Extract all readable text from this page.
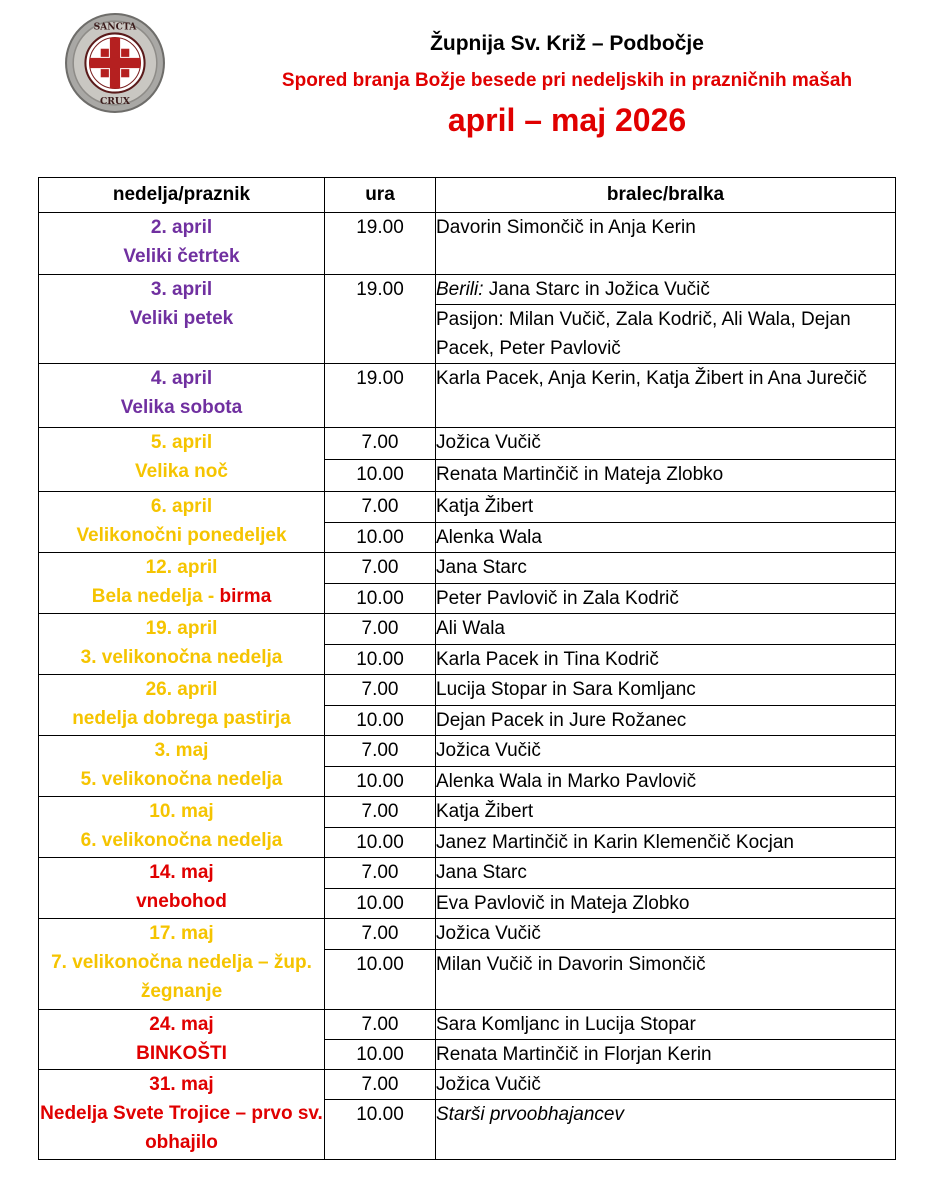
SANCTA
CRUX
Župnija Sv. Križ – Podbočje
Spored branja Božje besede pri nedeljskih in prazničnih mašah
april – maj 2026
nedelja/praznik	ura	bralec/bralka

2. april
Veliki četrtek	19.00	Davorin Simončič in Anja Kerin

3. april
Veliki petek	19.00	Berili: Jana Starc in Jožica Vučič
		Pasijon: Milan Vučič, Zala Kodrič, Ali Wala, Dejan Pacek, Peter Pavlovič

4. april
Velika sobota	19.00	Karla Pacek, Anja Kerin, Katja Žibert in Ana Jurečič

5. april
Velika noč	7.00	Jožica Vučič
	10.00	Renata Martinčič in Mateja Zlobko

6. april
Velikonočni ponedeljek	7.00	Katja Žibert
	10.00	Alenka Wala

12. april
Bela nedelja - birma	7.00	Jana Starc
	10.00	Peter Pavlovič in Zala Kodrič

19. april
3. velikonočna nedelja	7.00	Ali Wala
	10.00	Karla Pacek in Tina Kodrič

26. april
nedelja dobrega pastirja	7.00	Lucija Stopar in Sara Komljanc
	10.00	Dejan Pacek in Jure Rožanec

3. maj
5. velikonočna nedelja	7.00	Jožica Vučič
	10.00	Alenka Wala in Marko Pavlovič

10. maj
6. velikonočna nedelja	7.00	Katja Žibert
	10.00	Janez Martinčič in Karin Klemenčič Kocjan

14. maj
vnebohod	7.00	Jana Starc
	10.00	Eva Pavlovič in Mateja Zlobko

17. maj
7. velikonočna nedelja – žup. žegnanje	7.00	Jožica Vučič
	10.00	Milan Vučič in Davorin Simončič

24. maj
BINKOŠTI	7.00	Sara Komljanc in Lucija Stopar
	10.00	Renata Martinčič in Florjan Kerin

31. maj
Nedelja Svete Trojice – prvo sv. obhajilo	7.00	Jožica Vučič
	10.00	Starši prvoobhajancev
